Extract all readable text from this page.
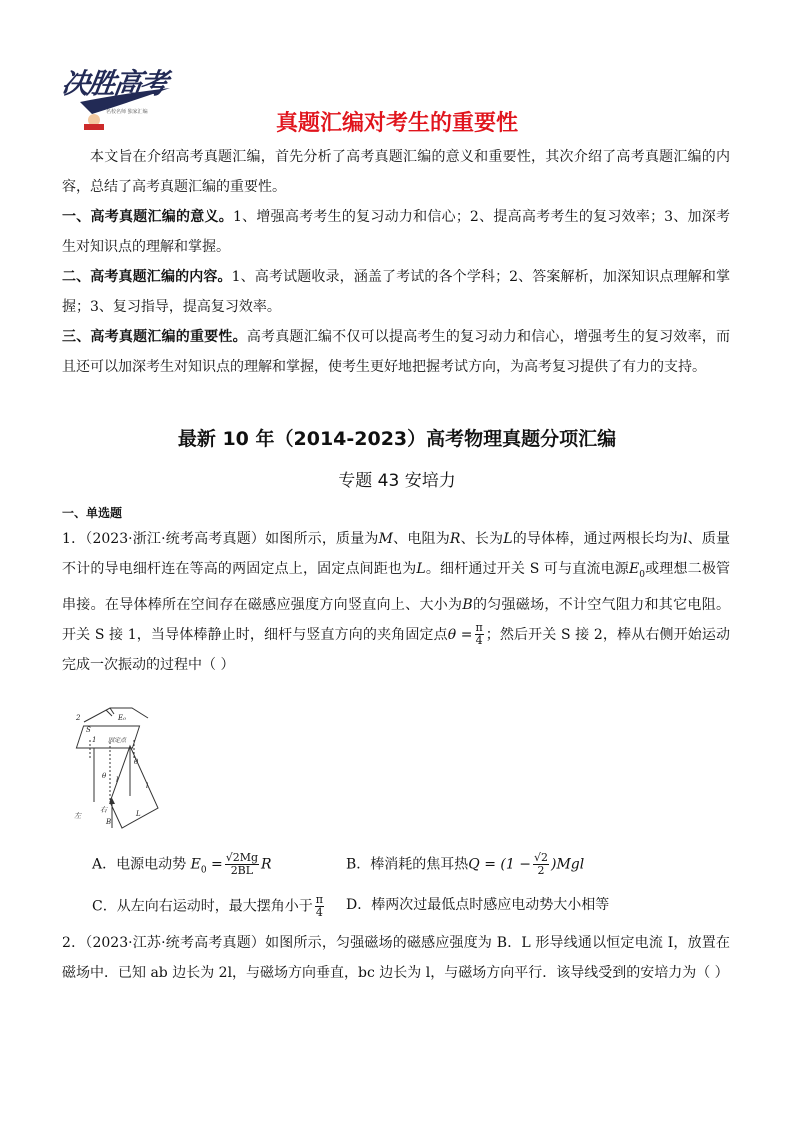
决胜高考
名校名师 独家汇编	真题汇编对考生的重要性
本文旨在介绍高考真题汇编，首先分析了高考真题汇编的意义和重要性，其次介绍了高考真题汇编的内容，总结了高考真题汇编的重要性。
一、高考真题汇编的意义。1、增强高考考生的复习动力和信心；2、提高高考考生的复习效率；3、加深考生对知识点的理解和掌握。
二、高考真题汇编的内容。1、高考试题收录，涵盖了考试的各个学科；2、答案解析，加深知识点理解和掌握；3、复习指导，提高复习效率。
三、高考真题汇编的重要性。高考真题汇编不仅可以提高考生的复习动力和信心，增强考生的复习效率，而且还可以加深考生对知识点的理解和掌握，使考生更好地把握考试方向，为高考复习提供了有力的支持。
最新 10 年（2014-2023）高考物理真题分项汇编
专题 43 安培力
一、单选题
1．（2023·浙江·统考高考真题）如图所示，质量为M、电阻为R、长为L的导体棒，通过两根长均为l、质量不计的导电细杆连在等高的两固定点上，固定点间距也为L。细杆通过开关 S 可与直流电源$E_0$或理想二极管串接。在导体棒所在空间存在磁感应强度方向竖直向上、大小为B的匀强磁场，不计空气阻力和其它电阻。开关 S 接 1，当导体棒静止时，细杆与竖直方向的夹角固定点$\theta = \frac{\pi}{4}$ ；然后开关 S 接 2，棒从右侧开始运动完成一次振动的过程中（ ）
2
S
1
E₀
固定点
θ
θ
l
l
左
右
B
L
A．电源电动势 $E_0 = \frac{√2Mg}{2BL}$ R	B．棒消耗的焦耳热$Q = (1 - \frac{√2}{2} )Mgl$
C．从左向右运动时，最大摆角小于 $\frac{\pi}{4}$ D．棒两次过最低点时感应电动势大小相等
2．（2023·江苏·统考高考真题）如图所示，匀强磁场的磁感应强度为 B．L 形导线通以恒定电流 I，放置在磁场中．已知 ab 边长为 2l，与磁场方向垂直，bc 边长为 l，与磁场方向平行．该导线受到的安培力为（ ）
